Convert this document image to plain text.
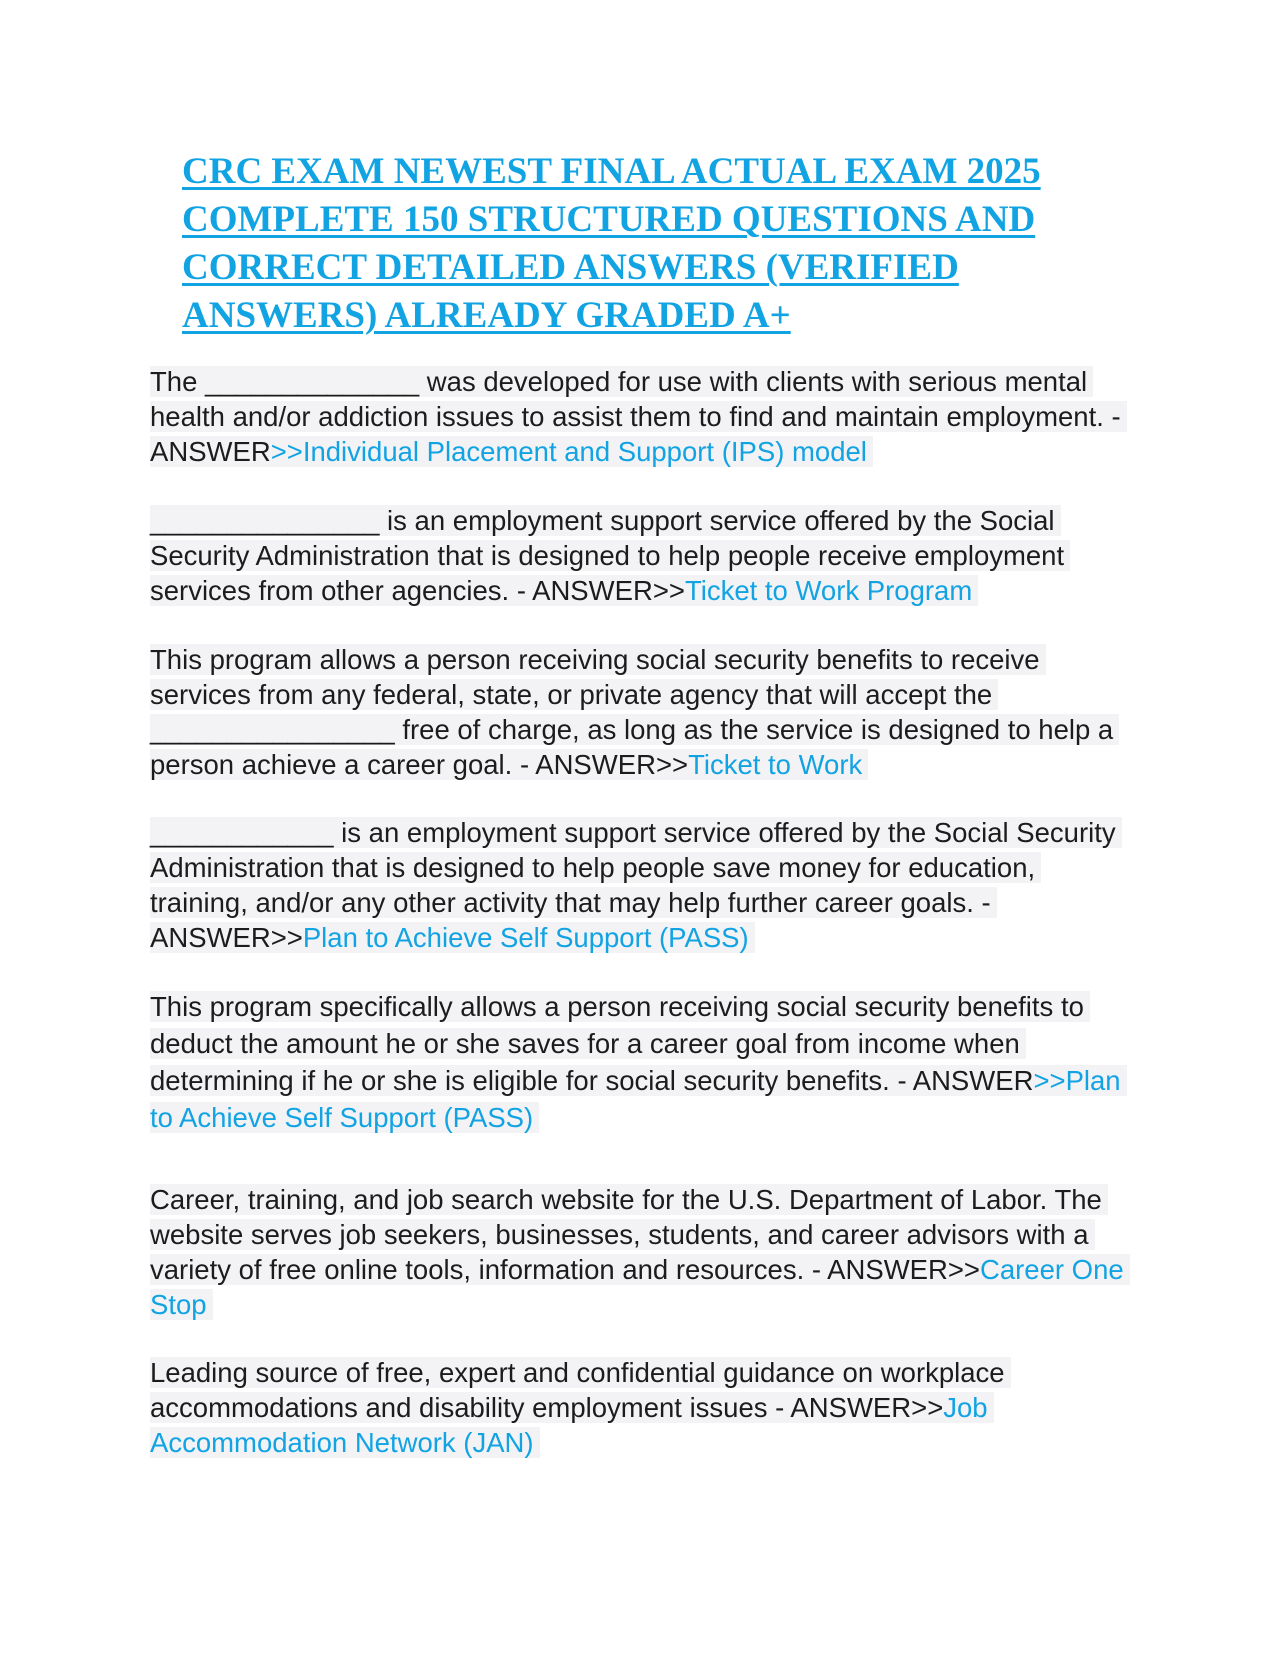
CRC EXAM NEWEST FINAL ACTUAL EXAM 2025 COMPLETE 150 STRUCTURED QUESTIONS AND CORRECT DETAILED ANSWERS (VERIFIED ANSWERS) ALREADY GRADED A+

The ______________ was developed for use with clients with serious mental health and/or addiction issues to assist them to find and maintain employment. - ANSWER>>Individual Placement and Support (IPS) model

_______________ is an employment support service offered by the Social Security Administration that is designed to help people receive employment services from other agencies. - ANSWER>>Ticket to Work Program

This program allows a person receiving social security benefits to receive services from any federal, state, or private agency that will accept the ________________ free of charge, as long as the service is designed to help a person achieve a career goal. - ANSWER>>Ticket to Work

____________ is an employment support service offered by the Social Security Administration that is designed to help people save money for education, training, and/or any other activity that may help further career goals. - ANSWER>>Plan to Achieve Self Support (PASS)

This program specifically allows a person receiving social security benefits to deduct the amount he or she saves for a career goal from income when determining if he or she is eligible for social security benefits. - ANSWER>>Plan to Achieve Self Support (PASS)

Career, training, and job search website for the U.S. Department of Labor. The website serves job seekers, businesses, students, and career advisors with a variety of free online tools, information and resources. - ANSWER>>Career One Stop

Leading source of free, expert and confidential guidance on workplace accommodations and disability employment issues - ANSWER>>Job Accommodation Network (JAN)
